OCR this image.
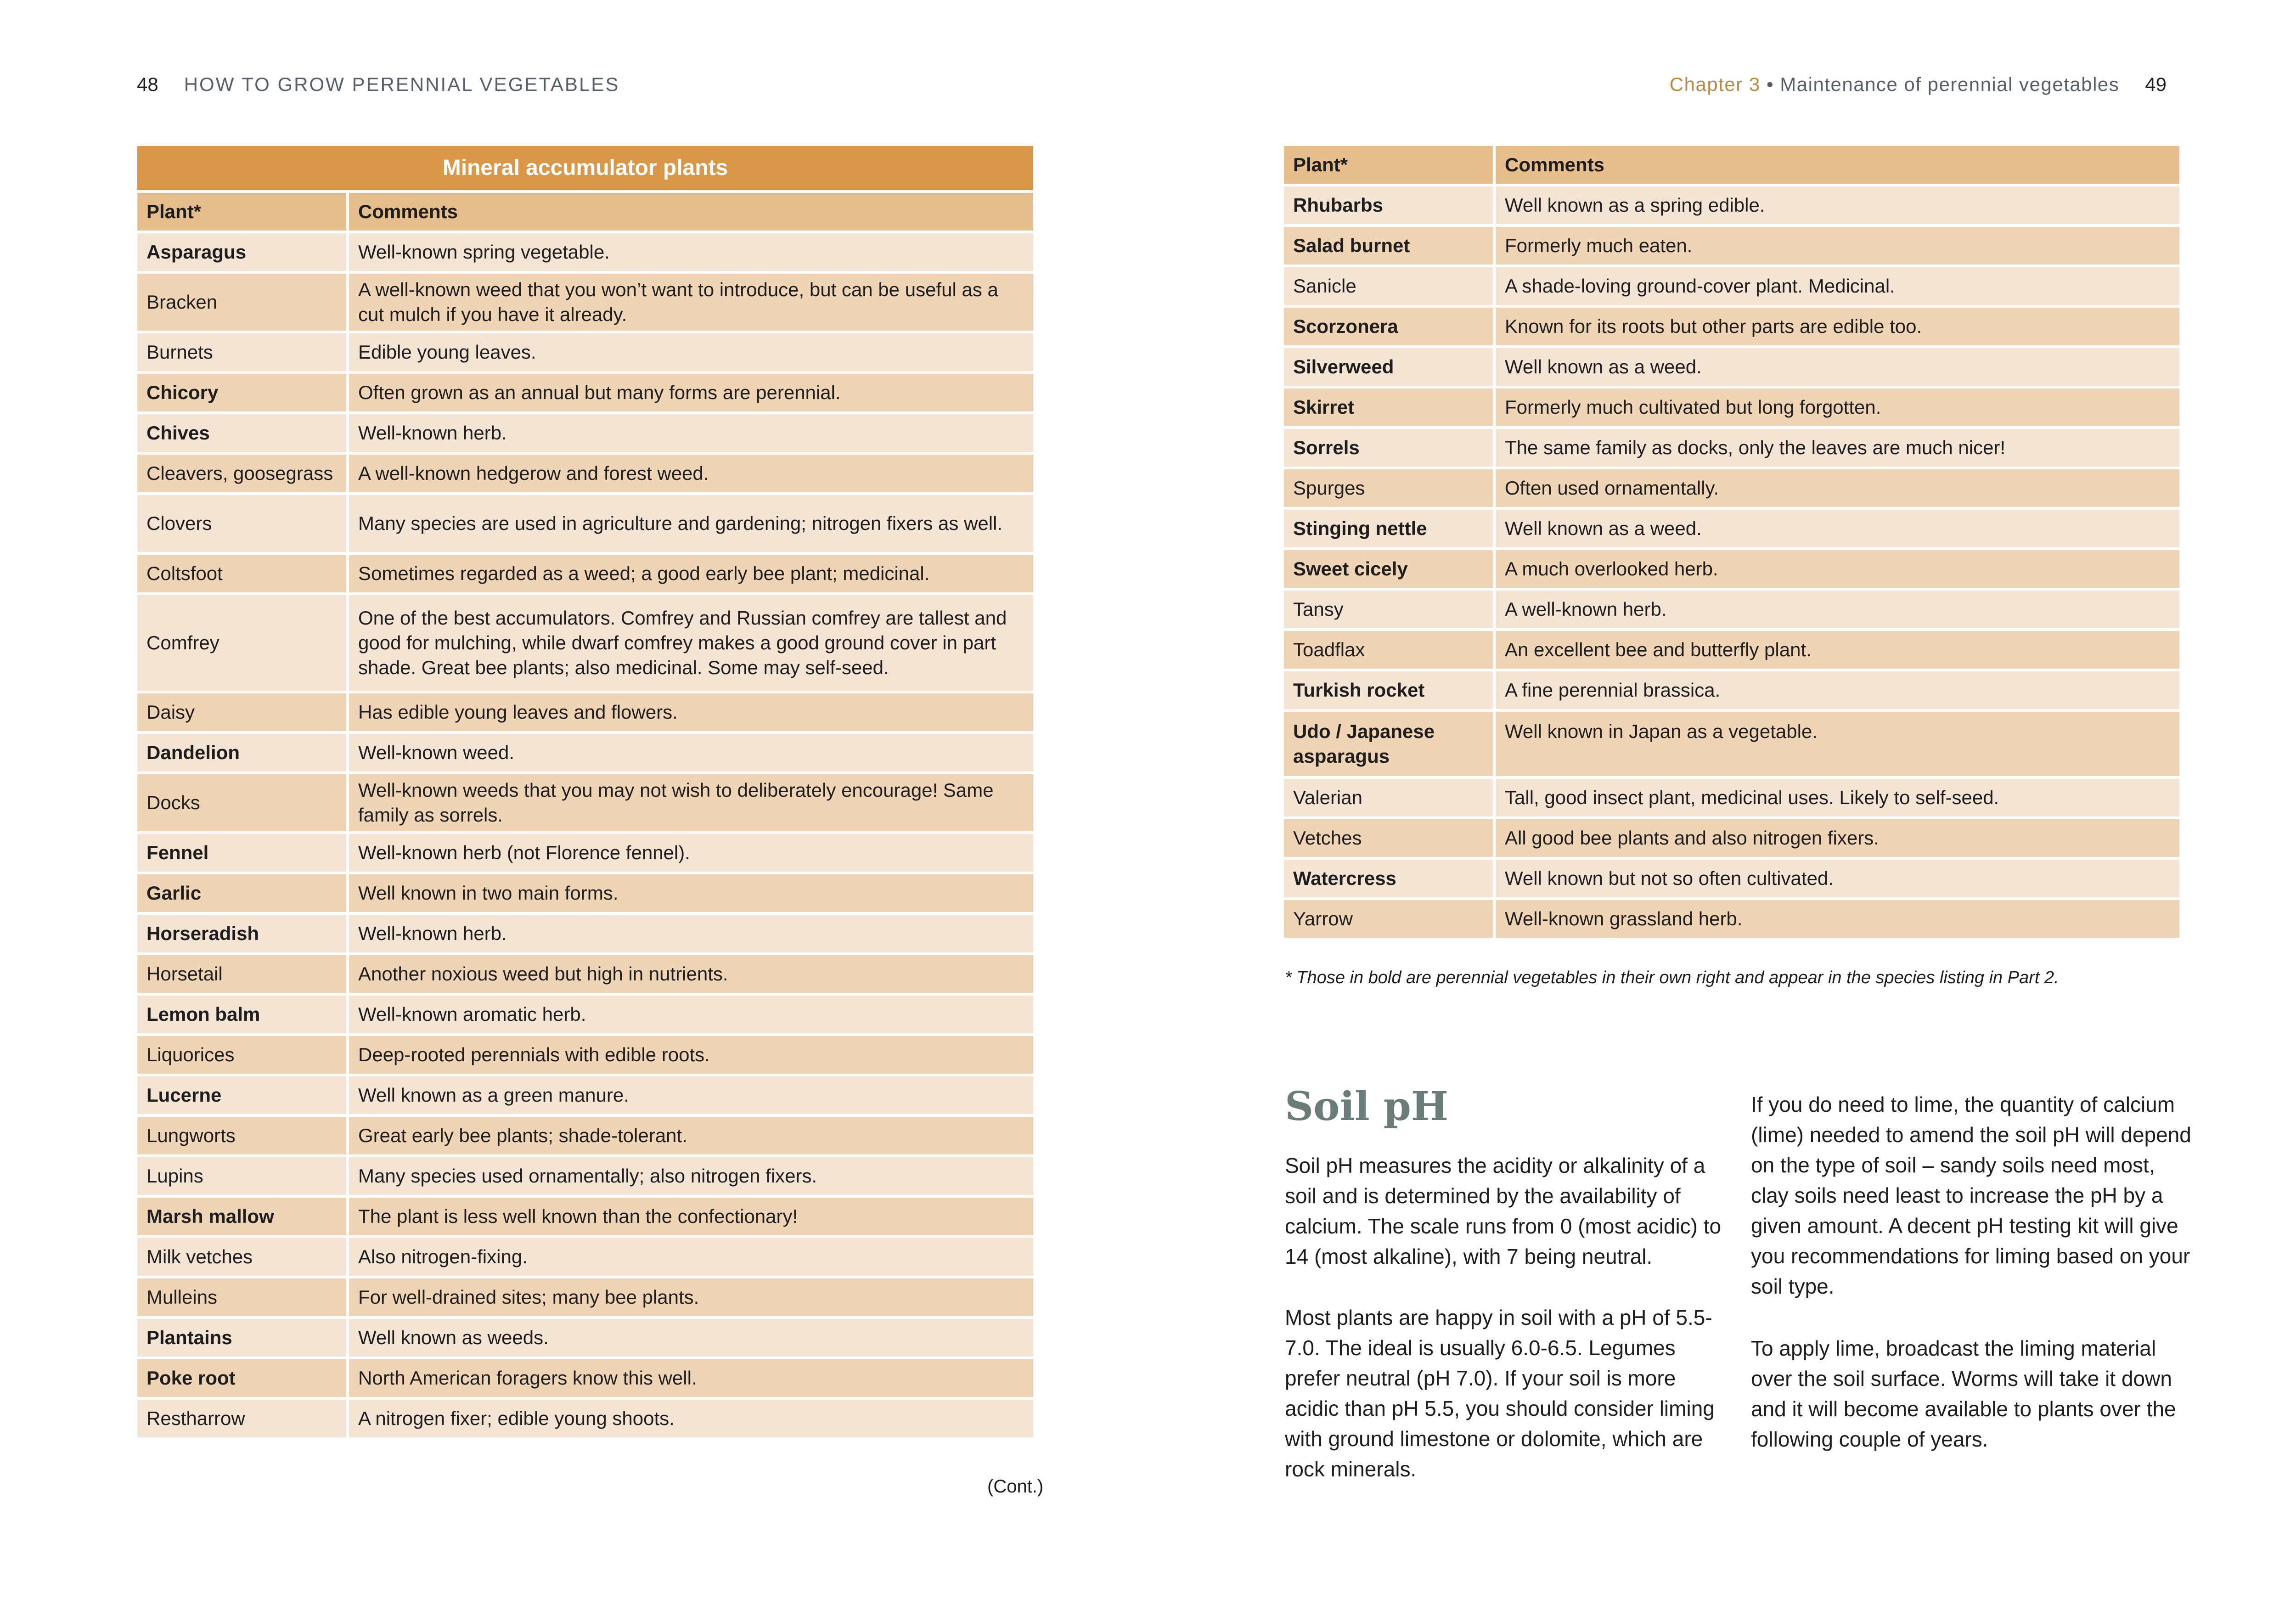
48 HOW TO GROW PERENNIAL VEGETABLES	Chapter 3 • Maintenance of perennial vegetables 49
Mineral accumulator plants	
Plant*	Comments
Asparagus	Well-known spring vegetable.
Bracken	A well-known weed that you won’t want to introduce, but can be useful as a cut mulch if you have it already.
Burnets	Edible young leaves.
Chicory	Often grown as an annual but many forms are perennial.
Chives	Well-known herb.
Cleavers, goosegrass	A well-known hedgerow and forest weed.
Clovers	Many species are used in agriculture and gardening; nitrogen fixers as well.
Coltsfoot	Sometimes regarded as a weed; a good early bee plant; medicinal.
Comfrey	One of the best accumulators. Comfrey and Russian comfrey are tallest and good for mulching, while dwarf comfrey makes a good ground cover in part shade. Great bee plants; also medicinal. Some may self-seed.
Daisy	Has edible young leaves and flowers.
Dandelion	Well-known weed.
Docks	Well-known weeds that you may not wish to deliberately encourage! Same family as sorrels.
Fennel	Well-known herb (not Florence fennel).
Garlic	Well known in two main forms.
Horseradish	Well-known herb.
Horsetail	Another noxious weed but high in nutrients.
Lemon balm	Well-known aromatic herb.
Liquorices	Deep-rooted perennials with edible roots.
Lucerne	Well known as a green manure.
Lungworts	Great early bee plants; shade-tolerant.
Lupins	Many species used ornamentally; also nitrogen fixers.
Marsh mallow	The plant is less well known than the confectionary!
Milk vetches	Also nitrogen-fixing.
Mulleins	For well-drained sites; many bee plants.
Plantains	Well known as weeds.
Poke root	North American foragers know this well.
Restharrow	A nitrogen fixer; edible young shoots.
(Cont.)
Plant*	Comments
Rhubarbs	Well known as a spring edible.
Salad burnet	Formerly much eaten.
Sanicle	A shade-loving ground-cover plant. Medicinal.
Scorzonera	Known for its roots but other parts are edible too.
Silverweed	Well known as a weed.
Skirret	Formerly much cultivated but long forgotten.
Sorrels	The same family as docks, only the leaves are much nicer!
Spurges	Often used ornamentally.
Stinging nettle	Well known as a weed.
Sweet cicely	A much overlooked herb.
Tansy	A well-known herb.
Toadflax	An excellent bee and butterfly plant.
Turkish rocket	A fine perennial brassica.
Udo / Japanese asparagus	Well known in Japan as a vegetable.
Valerian	Tall, good insect plant, medicinal uses. Likely to self-seed.
Vetches	All good bee plants and also nitrogen fixers.
Watercress	Well known but not so often cultivated.
Yarrow	Well-known grassland herb.
* Those in bold are perennial vegetables in their own right and appear in the species listing in Part 2.
Soil pH

Soil pH measures the acidity or alkalinity of a soil and is determined by the availability of calcium. The scale runs from 0 (most acidic) to 14 (most alkaline), with 7 being neutral.

Most plants are happy in soil with a pH of 5.5-7.0. The ideal is usually 6.0-6.5. Legumes prefer neutral (pH 7.0). If your soil is more acidic than pH 5.5, you should consider liming with ground limestone or dolomite, which are rock minerals.

If you do need to lime, the quantity of calcium (lime) needed to amend the soil pH will depend on the type of soil – sandy soils need most, clay soils need least to increase the pH by a given amount. A decent pH testing kit will give you recommendations for liming based on your soil type.

To apply lime, broadcast the liming material over the soil surface. Worms will take it down and it will become available to plants over the following couple of years.
